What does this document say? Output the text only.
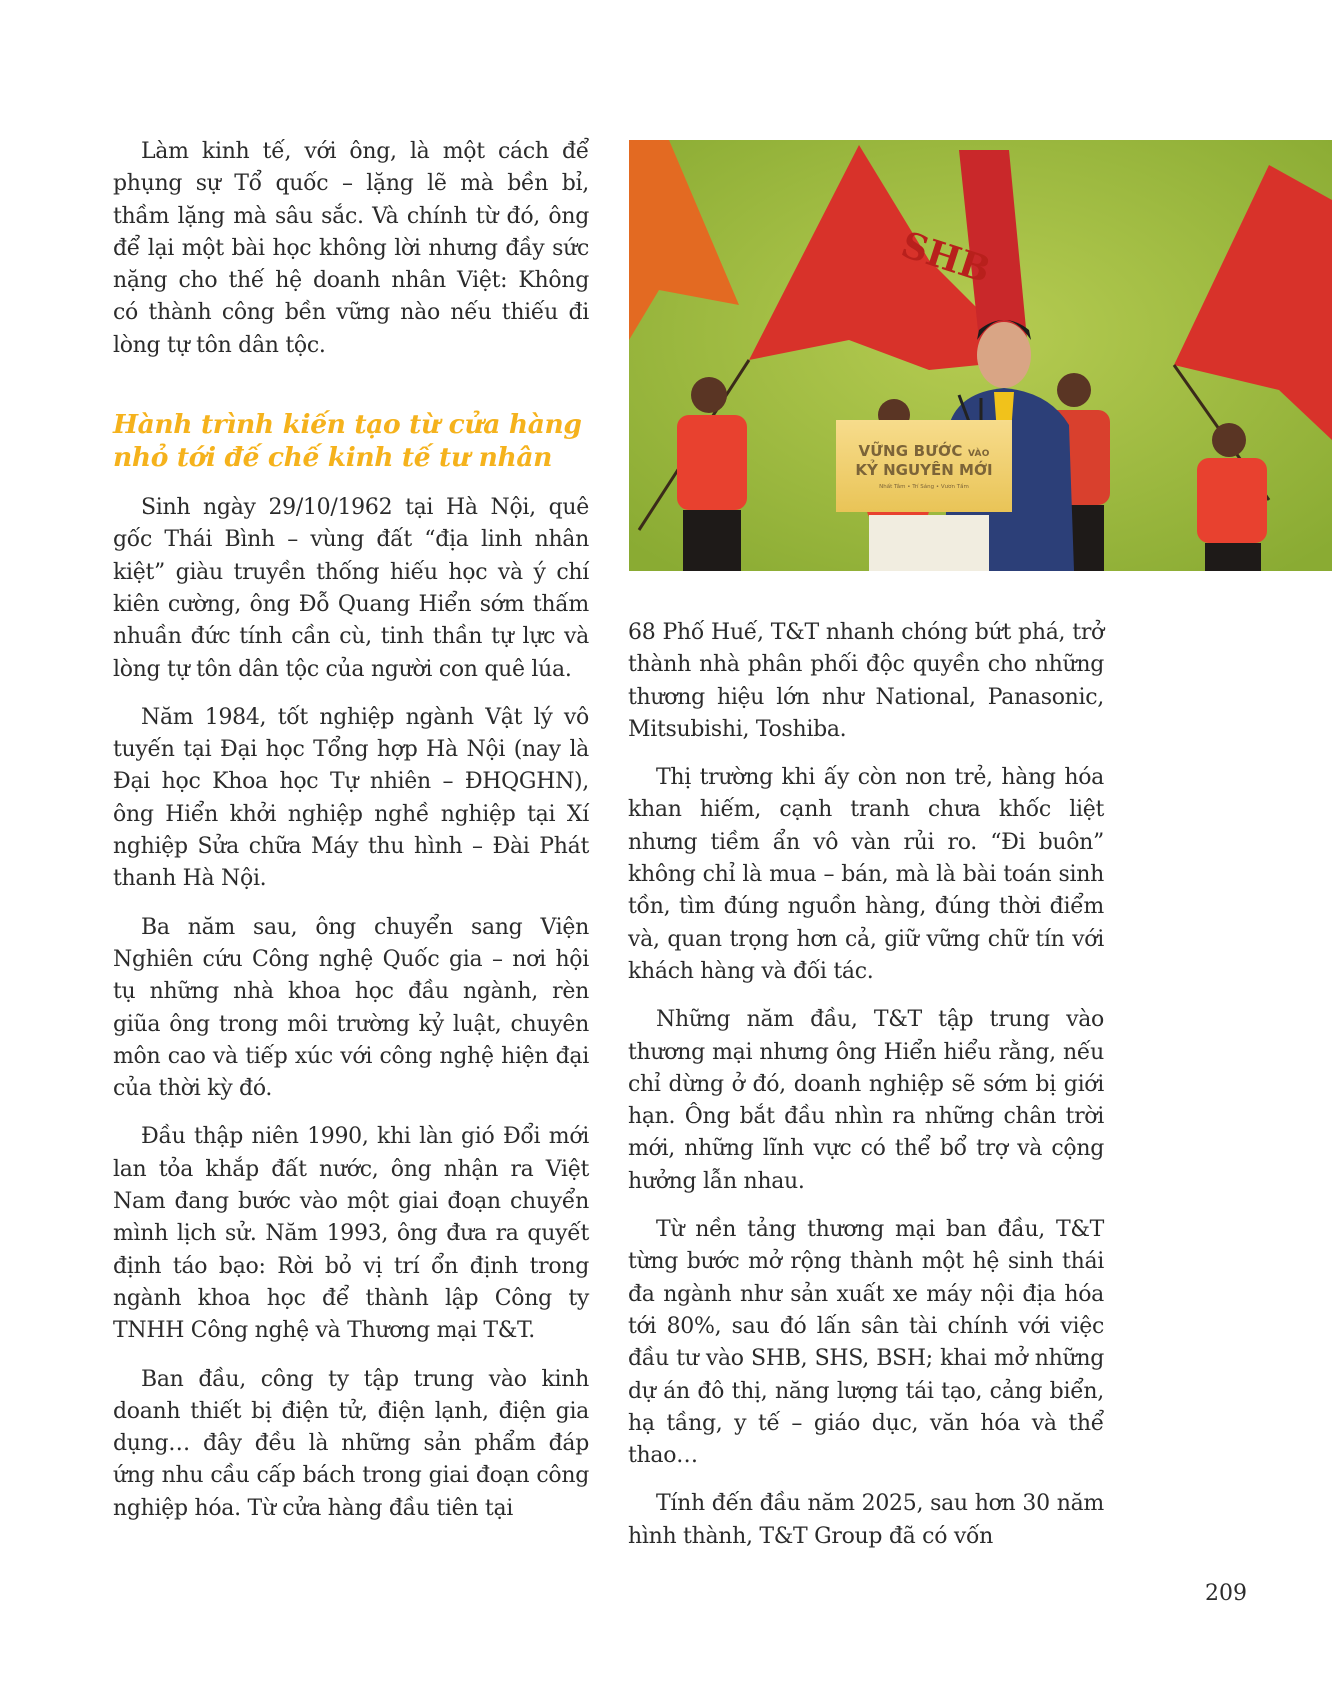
Làm kinh tế, với ông, là một cách để phụng sự Tổ quốc – lặng lẽ mà bền bỉ, thầm lặng mà sâu sắc. Và chính từ đó, ông để lại một bài học không lời nhưng đầy sức nặng cho thế hệ doanh nhân Việt: Không có thành công bền vững nào nếu thiếu đi lòng tự tôn dân tộc.

Hành trình kiến tạo từ cửa hàng nhỏ tới đế chế kinh tế tư nhân

Sinh ngày 29/10/1962 tại Hà Nội, quê gốc Thái Bình – vùng đất “địa linh nhân kiệt” giàu truyền thống hiếu học và ý chí kiên cường, ông Đỗ Quang Hiển sớm thấm nhuần đức tính cần cù, tinh thần tự lực và lòng tự tôn dân tộc của người con quê lúa.

Năm 1984, tốt nghiệp ngành Vật lý vô tuyến tại Đại học Tổng hợp Hà Nội (nay là Đại học Khoa học Tự nhiên – ĐHQGHN), ông Hiển khởi nghiệp nghề nghiệp tại Xí nghiệp Sửa chữa Máy thu hình – Đài Phát thanh Hà Nội.

Ba năm sau, ông chuyển sang Viện Nghiên cứu Công nghệ Quốc gia – nơi hội tụ những nhà khoa học đầu ngành, rèn giũa ông trong môi trường kỷ luật, chuyên môn cao và tiếp xúc với công nghệ hiện đại của thời kỳ đó.

Đầu thập niên 1990, khi làn gió Đổi mới lan tỏa khắp đất nước, ông nhận ra Việt Nam đang bước vào một giai đoạn chuyển mình lịch sử. Năm 1993, ông đưa ra quyết định táo bạo: Rời bỏ vị trí ổn định trong ngành khoa học để thành lập Công ty TNHH Công nghệ và Thương mại T&T.

Ban đầu, công ty tập trung vào kinh doanh thiết bị điện tử, điện lạnh, điện gia dụng… đây đều là những sản phẩm đáp ứng nhu cầu cấp bách trong giai đoạn công nghiệp hóa. Từ cửa hàng đầu tiên tại

SHB
VỮNG BƯỚC VÀO
KỶ NGUYÊN MỚI
Nhất Tâm • Trí Sáng • Vươn Tầm

68 Phố Huế, T&T nhanh chóng bứt phá, trở thành nhà phân phối độc quyền cho những thương hiệu lớn như National, Panasonic, Mitsubishi, Toshiba.

Thị trường khi ấy còn non trẻ, hàng hóa khan hiếm, cạnh tranh chưa khốc liệt nhưng tiềm ẩn vô vàn rủi ro. “Đi buôn” không chỉ là mua – bán, mà là bài toán sinh tồn, tìm đúng nguồn hàng, đúng thời điểm và, quan trọng hơn cả, giữ vững chữ tín với khách hàng và đối tác.

Những năm đầu, T&T tập trung vào thương mại nhưng ông Hiển hiểu rằng, nếu chỉ dừng ở đó, doanh nghiệp sẽ sớm bị giới hạn. Ông bắt đầu nhìn ra những chân trời mới, những lĩnh vực có thể bổ trợ và cộng hưởng lẫn nhau.

Từ nền tảng thương mại ban đầu, T&T từng bước mở rộng thành một hệ sinh thái đa ngành như sản xuất xe máy nội địa hóa tới 80%, sau đó lấn sân tài chính với việc đầu tư vào SHB, SHS, BSH; khai mở những dự án đô thị, năng lượng tái tạo, cảng biển, hạ tầng, y tế – giáo dục, văn hóa và thể thao…

Tính đến đầu năm 2025, sau hơn 30 năm hình thành, T&T Group đã có vốn

209
